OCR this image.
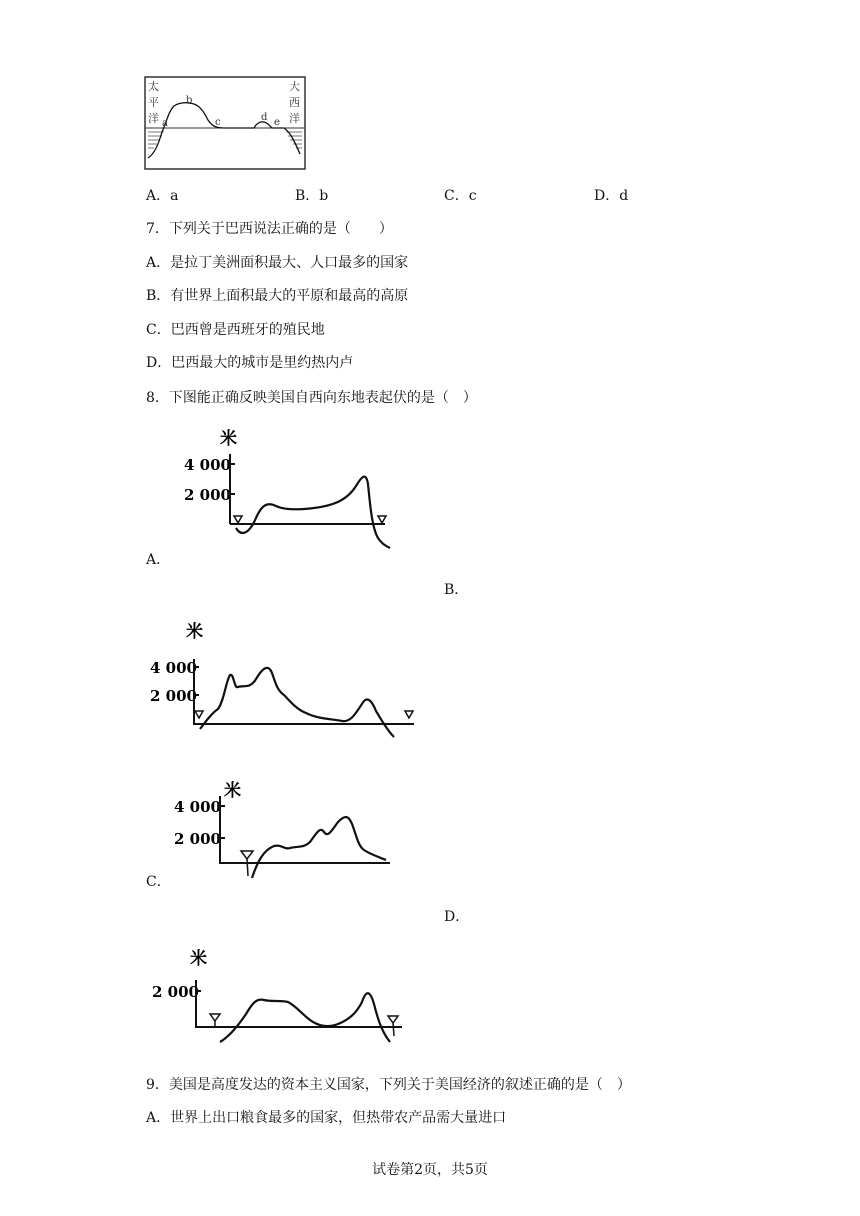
太
平
洋
大
西
洋
a
b
c	d e
A．a	B．b	C．c	D．d
7．下列关于巴西说法正确的是（　　）
A．是拉丁美洲面积最大、人口最多的国家
B．有世界上面积最大的平原和最高的高原
C．巴西曾是西班牙的殖民地
D．巴西最大的城市是里约热内卢
8．下图能正确反映美国自西向东地表起伏的是（　）
米
4 000
2 000
A．
B．
米
4 000
2 000
米
4 000
2 000
C．
D．
米
2 000
9．美国是高度发达的资本主义国家，下列关于美国经济的叙述正确的是（　）
A．世界上出口粮食最多的国家，但热带农产品需大量进口
试卷第2页，共5页
